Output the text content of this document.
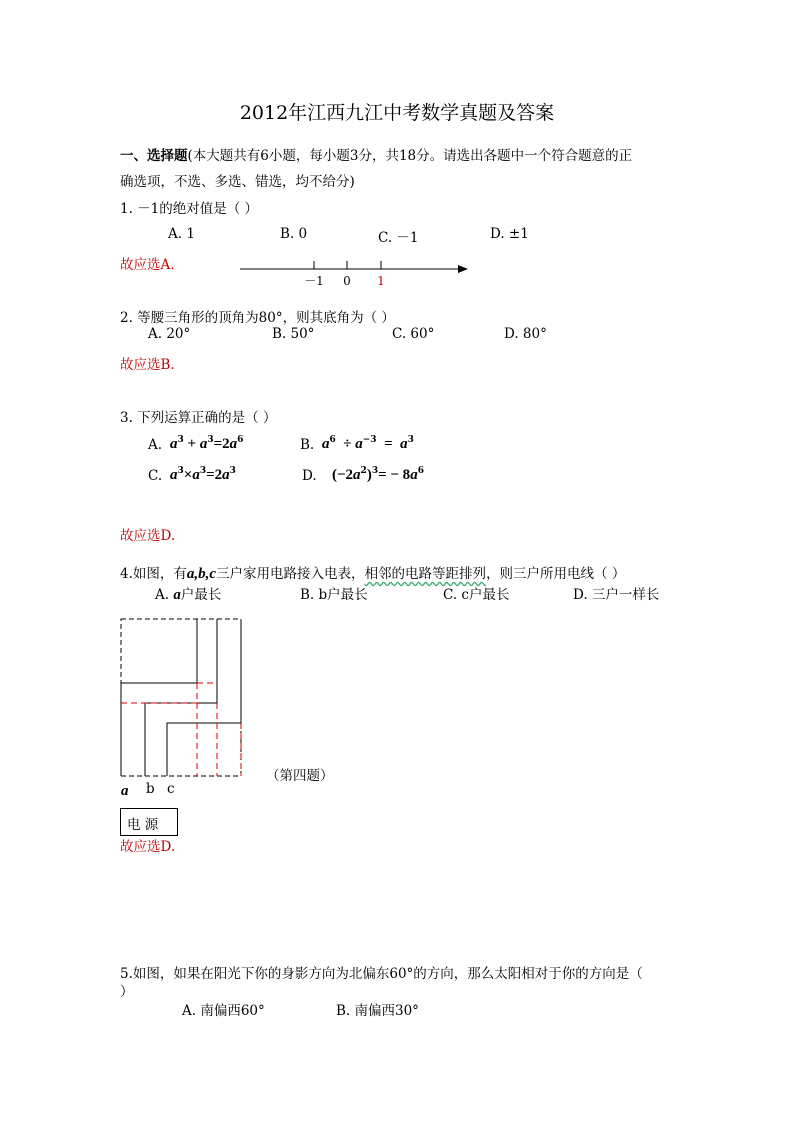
2012年江西九江中考数学真题及答案
一、选择题(本大题共有6小题，每小题3分，共18分。请选出各题中一个符合题意的正
确选项，不选、多选、错选，均不给分)
1. －1的绝对值是（ ）
A. 1	B. 0	C. －1	D. ±1
故应选A.
－1 0 1
2. 等腰三角形的顶角为80°，则其底角为（ ）
A. 20°	B. 50°	C. 60°	D. 80°
故应选B.
3. 下列运算正确的是（ ）
A. $a^3 + a^3=2a^6$	B. $a^6 \div a^{-3} = a^3$
C. $a^3\times a^3=2a^3$	D. $(-2a^2)^3= - 8a^6$
故应选D.
4.如图，有a,b,c三户家用电路接入电表，相邻的电路等距排列，则三户所用电线（ ）
A. a户最长	B. b户最长	C. c户最长	D. 三户一样长
（第四题）
a b c
电 源
故应选D.
5.如图，如果在阳光下你的身影方向为北偏东60°的方向，那么太阳相对于你的方向是（
）
A. 南偏西60°	B. 南偏西30°
